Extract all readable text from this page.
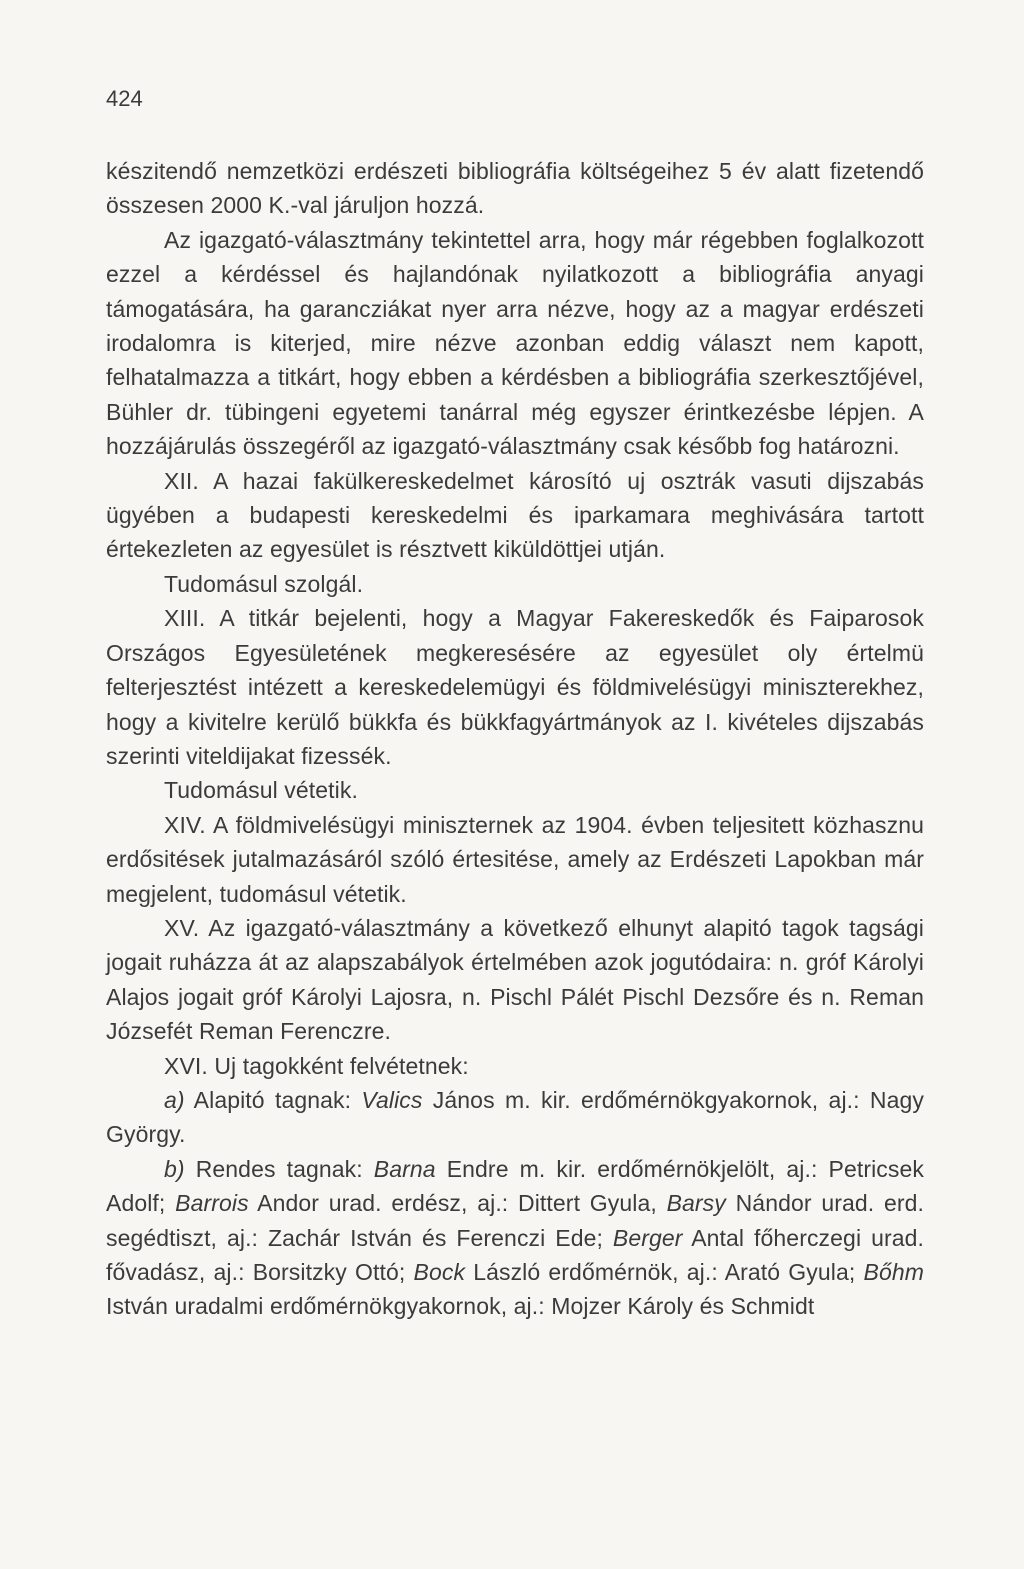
424

készitendő nemzetközi erdészeti bibliográfia költségeihez 5 év alatt fizetendő összesen 2000 K.-val járuljon hozzá.

Az igazgató-választmány tekintettel arra, hogy már régebben foglalkozott ezzel a kérdéssel és hajlandónak nyilatkozott a bibliográfia anyagi támogatására, ha garancziákat nyer arra nézve, hogy az a magyar erdészeti irodalomra is kiterjed, mire nézve azonban eddig választ nem kapott, felhatalmazza a titkárt, hogy ebben a kérdésben a bibliográfia szerkesztőjével, Bühler dr. tübingeni egyetemi tanárral még egyszer érintkezésbe lépjen. A hozzájárulás összegéről az igazgató-választmány csak később fog határozni.

XII. A hazai fakülkereskedelmet károsító uj osztrák vasuti dijszabás ügyében a budapesti kereskedelmi és iparkamara meghivására tartott értekezleten az egyesület is résztvett kiküldöttjei utján.

Tudomásul szolgál.

XIII. A titkár bejelenti, hogy a Magyar Fakereskedők és Faiparosok Országos Egyesületének megkeresésére az egyesület oly értelmü felterjesztést intézett a kereskedelemügyi és földmivelésügyi miniszterekhez, hogy a kivitelre kerülő bükkfa és bükkfagyártmányok az I. kivételes dijszabás szerinti viteldijakat fizessék.

Tudomásul vétetik.

XIV. A földmivelésügyi miniszternek az 1904. évben teljesitett közhasznu erdősitések jutalmazásáról szóló értesitése, amely az Erdészeti Lapokban már megjelent, tudomásul vétetik.

XV. Az igazgató-választmány a következő elhunyt alapitó tagok tagsági jogait ruházza át az alapszabályok értelmében azok jogutódaira: n. gróf Károlyi Alajos jogait gróf Károlyi Lajosra, n. Pischl Pálét Pischl Dezsőre és n. Reman Józsefét Reman Ferenczre.

XVI. Uj tagokként felvétetnek:

a) Alapitó tagnak: Valics János m. kir. erdőmérnökgyakornok, aj.: Nagy György.

b) Rendes tagnak: Barna Endre m. kir. erdőmérnökjelölt, aj.: Petricsek Adolf; Barrois Andor urad. erdész, aj.: Dittert Gyula, Barsy Nándor urad. erd. segédtiszt, aj.: Zachár István és Ferenczi Ede; Berger Antal főherczegi urad. fővadász, aj.: Borsitzky Ottó; Bock László erdőmérnök, aj.: Arató Gyula; Bőhm István uradalmi erdőmérnökgyakornok, aj.: Mojzer Károly és Schmidt
